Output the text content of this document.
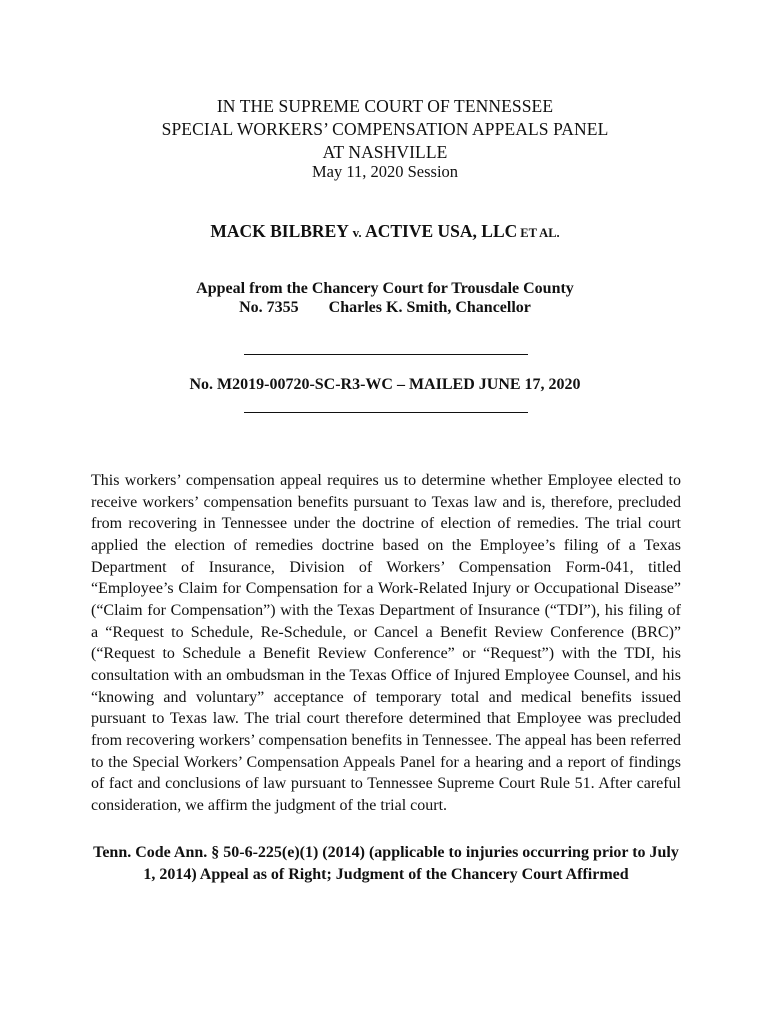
IN THE SUPREME COURT OF TENNESSEE
SPECIAL WORKERS’ COMPENSATION APPEALS PANEL
AT NASHVILLE
May 11, 2020 Session
MACK BILBREY v. ACTIVE USA, LLC ET AL.
Appeal from the Chancery Court for Trousdale County
No. 7355 Charles K. Smith, Chancellor
No. M2019-00720-SC-R3-WC – MAILED JUNE 17, 2020

This workers’ compensation appeal requires us to determine whether Employee elected to receive workers’ compensation benefits pursuant to Texas law and is, therefore, precluded from recovering in Tennessee under the doctrine of election of remedies. The trial court applied the election of remedies doctrine based on the Employee’s filing of a Texas Department of Insurance, Division of Workers’ Compensation Form-041, titled “Employee’s Claim for Compensation for a Work-Related Injury or Occupational Disease” (“Claim for Compensation”) with the Texas Department of Insurance (“TDI”), his filing of a “Request to Schedule, Re-Schedule, or Cancel a Benefit Review Conference (BRC)” (“Request to Schedule a Benefit Review Conference” or “Request”) with the TDI, his consultation with an ombudsman in the Texas Office of Injured Employee Counsel, and his “knowing and voluntary” acceptance of temporary total and medical benefits issued pursuant to Texas law. The trial court therefore determined that Employee was precluded from recovering workers’ compensation benefits in Tennessee. The appeal has been referred to the Special Workers’ Compensation Appeals Panel for a hearing and a report of findings of fact and conclusions of law pursuant to Tennessee Supreme Court Rule 51. After careful consideration, we affirm the judgment of the trial court.

Tenn. Code Ann. § 50-6-225(e)(1) (2014) (applicable to injuries occurring prior to July 1, 2014) Appeal as of Right; Judgment of the Chancery Court Affirmed
